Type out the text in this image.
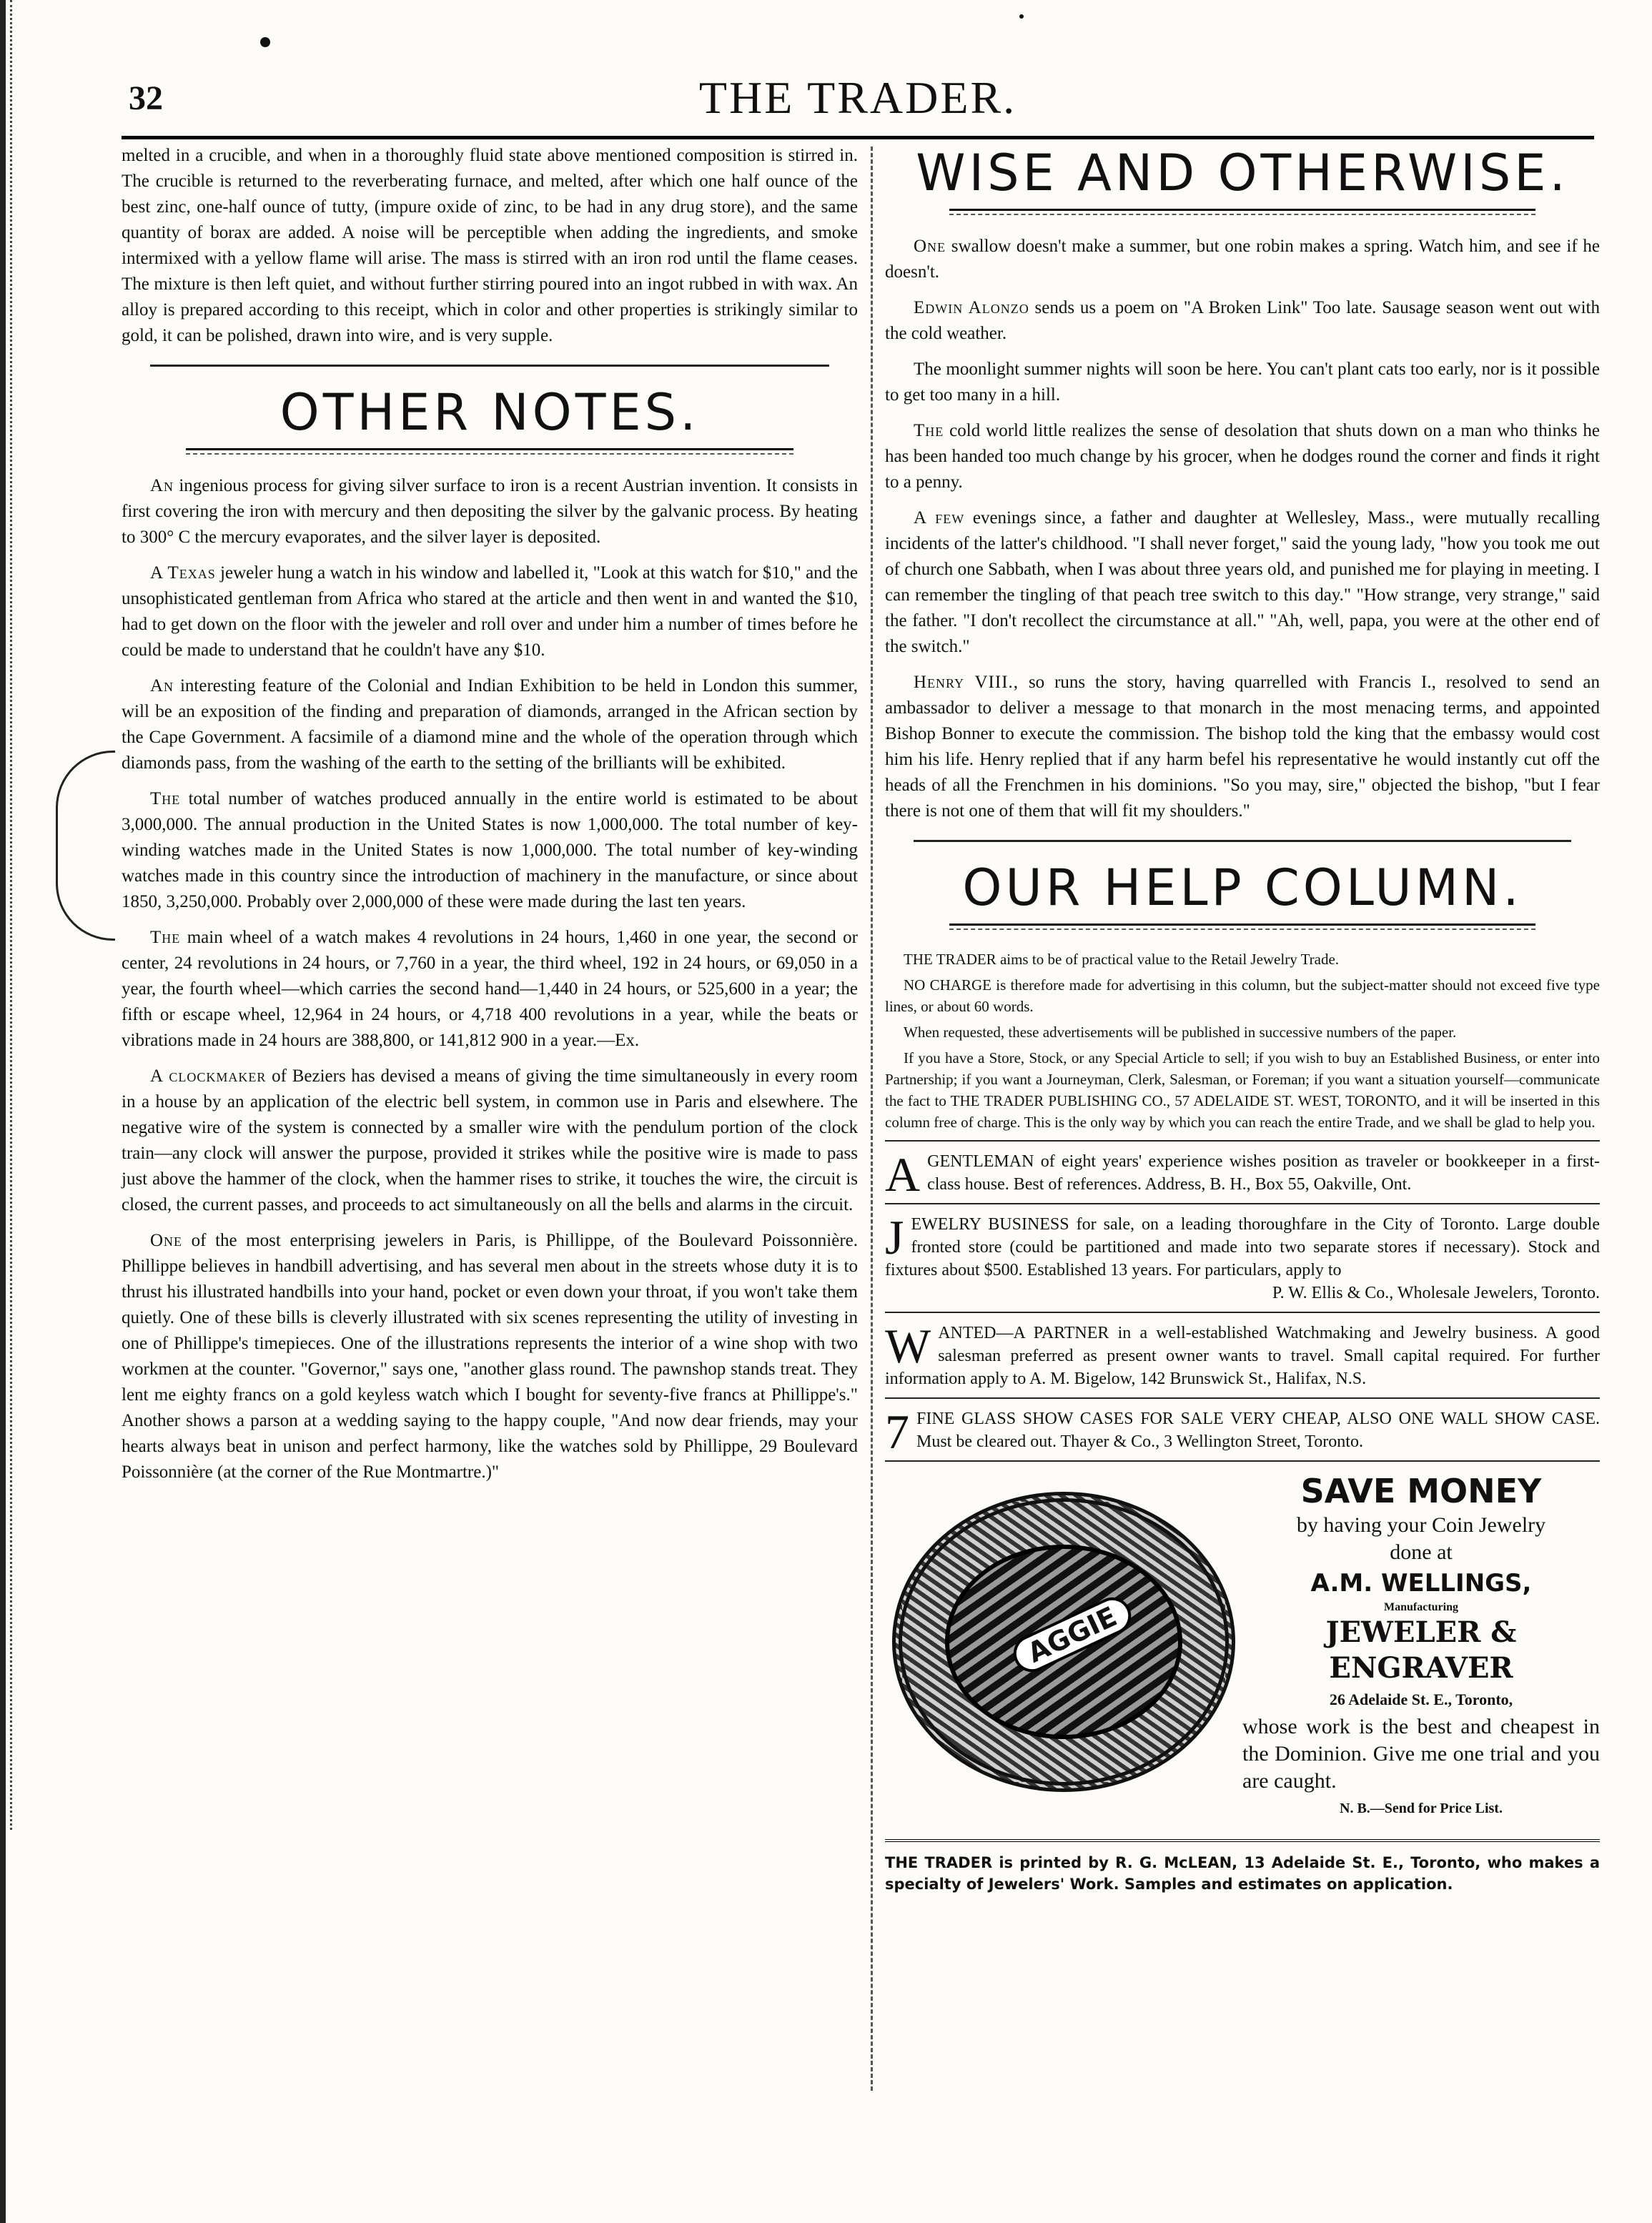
32	THE TRADER.

melted in a crucible, and when in a thoroughly fluid state above mentioned composition is stirred in. The crucible is returned to the reverberating furnace, and melted, after which one half ounce of the best zinc, one-half ounce of tutty, (impure oxide of zinc, to be had in any drug store), and the same quantity of borax are added. A noise will be perceptible when adding the ingredients, and smoke intermixed with a yellow flame will arise. The mass is stirred with an iron rod until the flame ceases. The mixture is then left quiet, and without further stirring poured into an ingot rubbed in with wax. An alloy is prepared according to this receipt, which in color and other properties is strikingly similar to gold, it can be polished, drawn into wire, and is very supple.

OTHER NOTES.

An ingenious process for giving silver surface to iron is a recent Austrian invention. It consists in first covering the iron with mercury and then depositing the silver by the galvanic process. By heating to 300° C the mercury evaporates, and the silver layer is deposited.

A Texas jeweler hung a watch in his window and labelled it, "Look at this watch for $10," and the unsophisticated gentleman from Africa who stared at the article and then went in and wanted the $10, had to get down on the floor with the jeweler and roll over and under him a number of times before he could be made to understand that he couldn't have any $10.

An interesting feature of the Colonial and Indian Exhibition to be held in London this summer, will be an exposition of the finding and preparation of diamonds, arranged in the African section by the Cape Government. A facsimile of a diamond mine and the whole of the operation through which diamonds pass, from the washing of the earth to the setting of the brilliants will be exhibited.

The total number of watches produced annually in the entire world is estimated to be about 3,000,000. The annual production in the United States is now 1,000,000. The total number of key-winding watches made in the United States is now 1,000,000. The total number of key-winding watches made in this country since the introduction of machinery in the manufacture, or since about 1850, 3,250,000. Probably over 2,000,000 of these were made during the last ten years.

The main wheel of a watch makes 4 revolutions in 24 hours, 1,460 in one year, the second or center, 24 revolutions in 24 hours, or 7,760 in a year, the third wheel, 192 in 24 hours, or 69,050 in a year, the fourth wheel—which carries the second hand—1,440 in 24 hours, or 525,600 in a year; the fifth or escape wheel, 12,964 in 24 hours, or 4,718 400 revolutions in a year, while the beats or vibrations made in 24 hours are 388,800, or 141,812 900 in a year.—Ex.

A clockmaker of Beziers has devised a means of giving the time simultaneously in every room in a house by an application of the electric bell system, in common use in Paris and elsewhere. The negative wire of the system is connected by a smaller wire with the pendulum portion of the clock train—any clock will answer the purpose, provided it strikes while the positive wire is made to pass just above the hammer of the clock, when the hammer rises to strike, it touches the wire, the circuit is closed, the current passes, and proceeds to act simultaneously on all the bells and alarms in the circuit.

One of the most enterprising jewelers in Paris, is Phillippe, of the Boulevard Poissonnière. Phillippe believes in handbill advertising, and has several men about in the streets whose duty it is to thrust his illustrated handbills into your hand, pocket or even down your throat, if you won't take them quietly. One of these bills is cleverly illustrated with six scenes representing the utility of investing in one of Phillippe's timepieces. One of the illustrations represents the interior of a wine shop with two workmen at the counter. "Governor," says one, "another glass round. The pawnshop stands treat. They lent me eighty francs on a gold keyless watch which I bought for seventy-five francs at Phillippe's." Another shows a parson at a wedding saying to the happy couple, "And now dear friends, may your hearts always beat in unison and perfect harmony, like the watches sold by Phillippe, 29 Boulevard Poissonnière (at the corner of the Rue Montmartre.)"

WISE AND OTHERWISE.

One swallow doesn't make a summer, but one robin makes a spring. Watch him, and see if he doesn't.

Edwin Alonzo sends us a poem on "A Broken Link" Too late. Sausage season went out with the cold weather.

The moonlight summer nights will soon be here. You can't plant cats too early, nor is it possible to get too many in a hill.

The cold world little realizes the sense of desolation that shuts down on a man who thinks he has been handed too much change by his grocer, when he dodges round the corner and finds it right to a penny.

A few evenings since, a father and daughter at Wellesley, Mass., were mutually recalling incidents of the latter's childhood. "I shall never forget," said the young lady, "how you took me out of church one Sabbath, when I was about three years old, and punished me for playing in meeting. I can remember the tingling of that peach tree switch to this day." "How strange, very strange," said the father. "I don't recollect the circumstance at all." "Ah, well, papa, you were at the other end of the switch."

Henry VIII., so runs the story, having quarrelled with Francis I., resolved to send an ambassador to deliver a message to that monarch in the most menacing terms, and appointed Bishop Bonner to execute the commission. The bishop told the king that the embassy would cost him his life. Henry replied that if any harm befel his representative he would instantly cut off the heads of all the Frenchmen in his dominions. "So you may, sire," objected the bishop, "but I fear there is not one of them that will fit my shoulders."

OUR HELP COLUMN.

THE TRADER aims to be of practical value to the Retail Jewelry Trade.

NO CHARGE is therefore made for advertising in this column, but the subject-matter should not exceed five type lines, or about 60 words.

When requested, these advertisements will be published in successive numbers of the paper.

If you have a Store, Stock, or any Special Article to sell; if you wish to buy an Established Business, or enter into Partnership; if you want a Journeyman, Clerk, Salesman, or Foreman; if you want a situation yourself—communicate the fact to THE TRADER PUBLISHING CO., 57 ADELAIDE ST. WEST, TORONTO, and it will be inserted in this column free of charge. This is the only way by which you can reach the entire Trade, and we shall be glad to help you.

A GENTLEMAN of eight years' experience wishes position as traveler or bookkeeper in a first-class house. Best of references. Address, B. H., Box 55, Oakville, Ont.
JEWELRY BUSINESS for sale, on a leading thoroughfare in the City of Toronto. Large double fronted store (could be partitioned and made into two separate stores if necessary). Stock and fixtures about $500. Established 13 years. For particulars, apply to
P. W. Ellis & Co., Wholesale Jewelers, Toronto.
WANTED—A PARTNER in a well-established Watchmaking and Jewelry business. A good salesman preferred as present owner wants to travel. Small capital required. For further information apply to A. M. Bigelow, 142 Brunswick St., Halifax, N.S.
7 FINE GLASS SHOW CASES FOR SALE VERY CHEAP, ALSO ONE WALL SHOW CASE. Must be cleared out. Thayer & Co., 3 Wellington Street, Toronto.
AGGIE
SAVE MONEY
by having your Coin Jewelry
done at
A.M. WELLINGS,
Manufacturing
JEWELER & ENGRAVER
26 Adelaide St. E., Toronto,
whose work is the best and cheapest in the Dominion. Give me one trial and you are caught.
N. B.—Send for Price List.
THE TRADER is printed by R. G. McLEAN, 13 Adelaide St. E., Toronto, who makes a specialty of Jewelers' Work. Samples and estimates on application.
